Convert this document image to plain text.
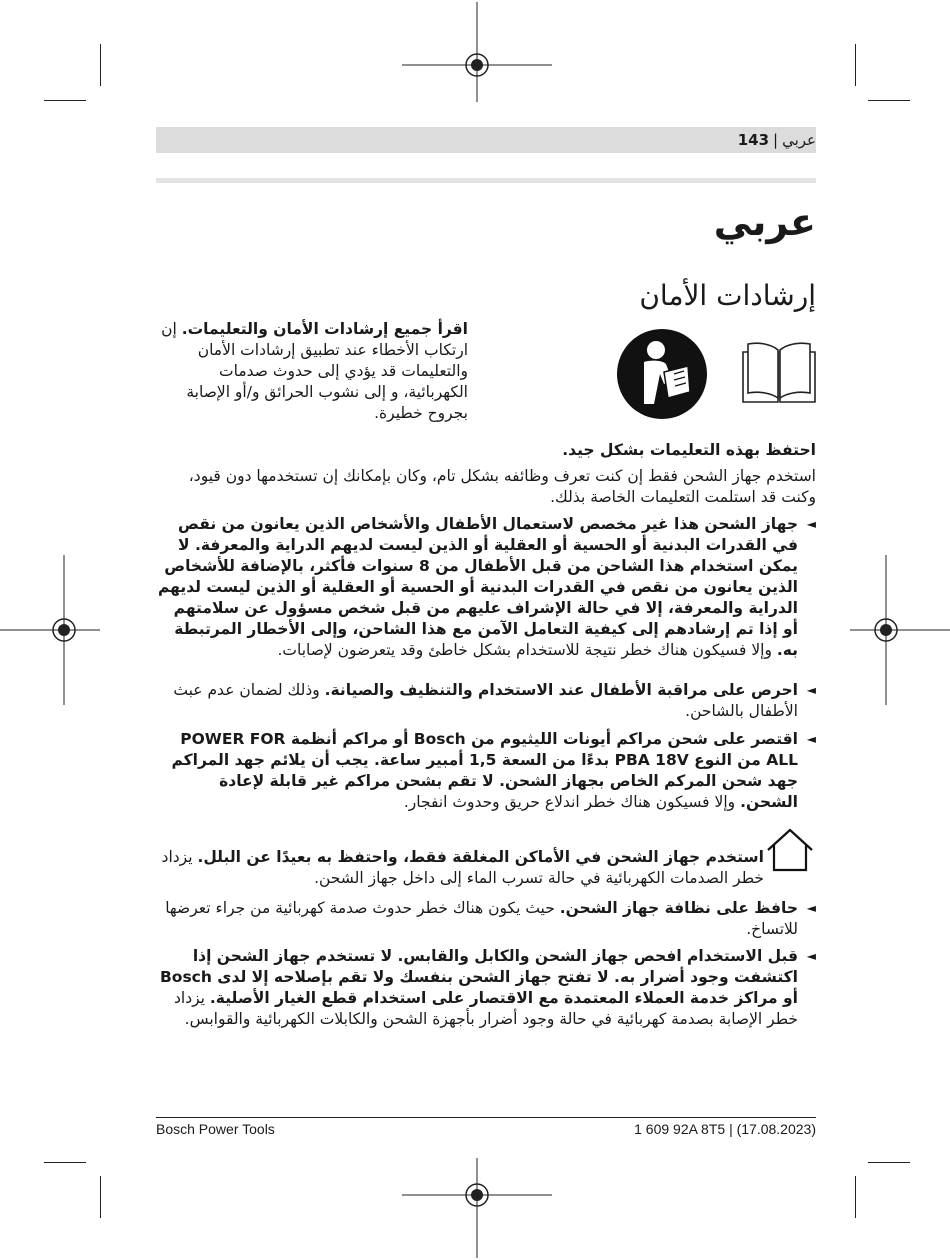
عربي|143
عربي
إرشادات الأمان
اقرأ جميع إرشادات الأمان والتعليمات. إن ارتكاب الأخطاء عند تطبيق إرشادات الأمان والتعليمات قد يؤدي إلى حدوث صدمات الكهربائية، و إلى نشوب الحرائق و/أو الإصابة بجروح خطيرة.
احتفظ بهذه التعليمات بشكل جيد.
استخدم جهاز الشحن فقط إن كنت تعرف وظائفه بشكل تام، وكان بإمكانك إن تستخدمها دون قيود، وكنت قد استلمت التعليمات الخاصة بذلك.
◄
جهاز الشحن هذا غير مخصص لاستعمال الأطفال والأشخاص الذين يعانون من نقص في القدرات البدنية أو الحسية أو العقلية أو الذين ليست لديهم الدراية والمعرفة. لا يمكن استخدام هذا الشاحن من قبل الأطفال من 8 سنوات فأكثر، بالإضافة للأشخاص الذين يعانون من نقص في القدرات البدنية أو الحسية أو العقلية أو الذين ليست لديهم الدراية والمعرفة، إلا في حالة الإشراف عليهم من قبل شخص مسؤول عن سلامتهم أو إذا تم إرشادهم إلى كيفية التعامل الآمن مع هذا الشاحن، وإلى الأخطار المرتبطة به. وإلا فسيكون هناك خطر نتيجة للاستخدام بشكل خاطئ وقد يتعرضون لإصابات.
◄
احرص على مراقبة الأطفال عند الاستخدام والتنظيف والصيانة. وذلك لضمان عدم عبث الأطفال بالشاحن.
◄
اقتصر على شحن مراكم أيونات الليثيوم من Bosch أو مراكم أنظمة POWER FOR ALL من النوع PBA 18V بدءًا من السعة 1,5 أمبير ساعة. يجب أن يلائم جهد المراكم جهد شحن المركم الخاص بجهاز الشحن. لا تقم بشحن مراكم غير قابلة لإعادة الشحن. وإلا فسيكون هناك خطر اندلاع حريق وحدوث انفجار.
استخدم جهاز الشحن في الأماكن المغلقة فقط، واحتفظ به بعيدًا عن البلل. يزداد خطر الصدمات الكهربائية في حالة تسرب الماء إلى داخل جهاز الشحن.
◄
حافظ على نظافة جهاز الشحن. حيث يكون هناك خطر حدوث صدمة كهربائية من جراء تعرضها للاتساخ.
◄
قبل الاستخدام افحص جهاز الشحن والكابل والقابس. لا تستخدم جهاز الشحن إذا اكتشفت وجود أضرار به. لا تفتح جهاز الشحن بنفسك ولا تقم بإصلاحه إلا لدى Bosch أو مراكز خدمة العملاء المعتمدة مع الاقتصار على استخدام قطع الغيار الأصلية. يزداد خطر الإصابة بصدمة كهربائية في حالة وجود أضرار بأجهزة الشحن والكابلات الكهربائية والقوابس.
Bosch Power Tools	1 609 92A 8T5 | (17.08.2023)
